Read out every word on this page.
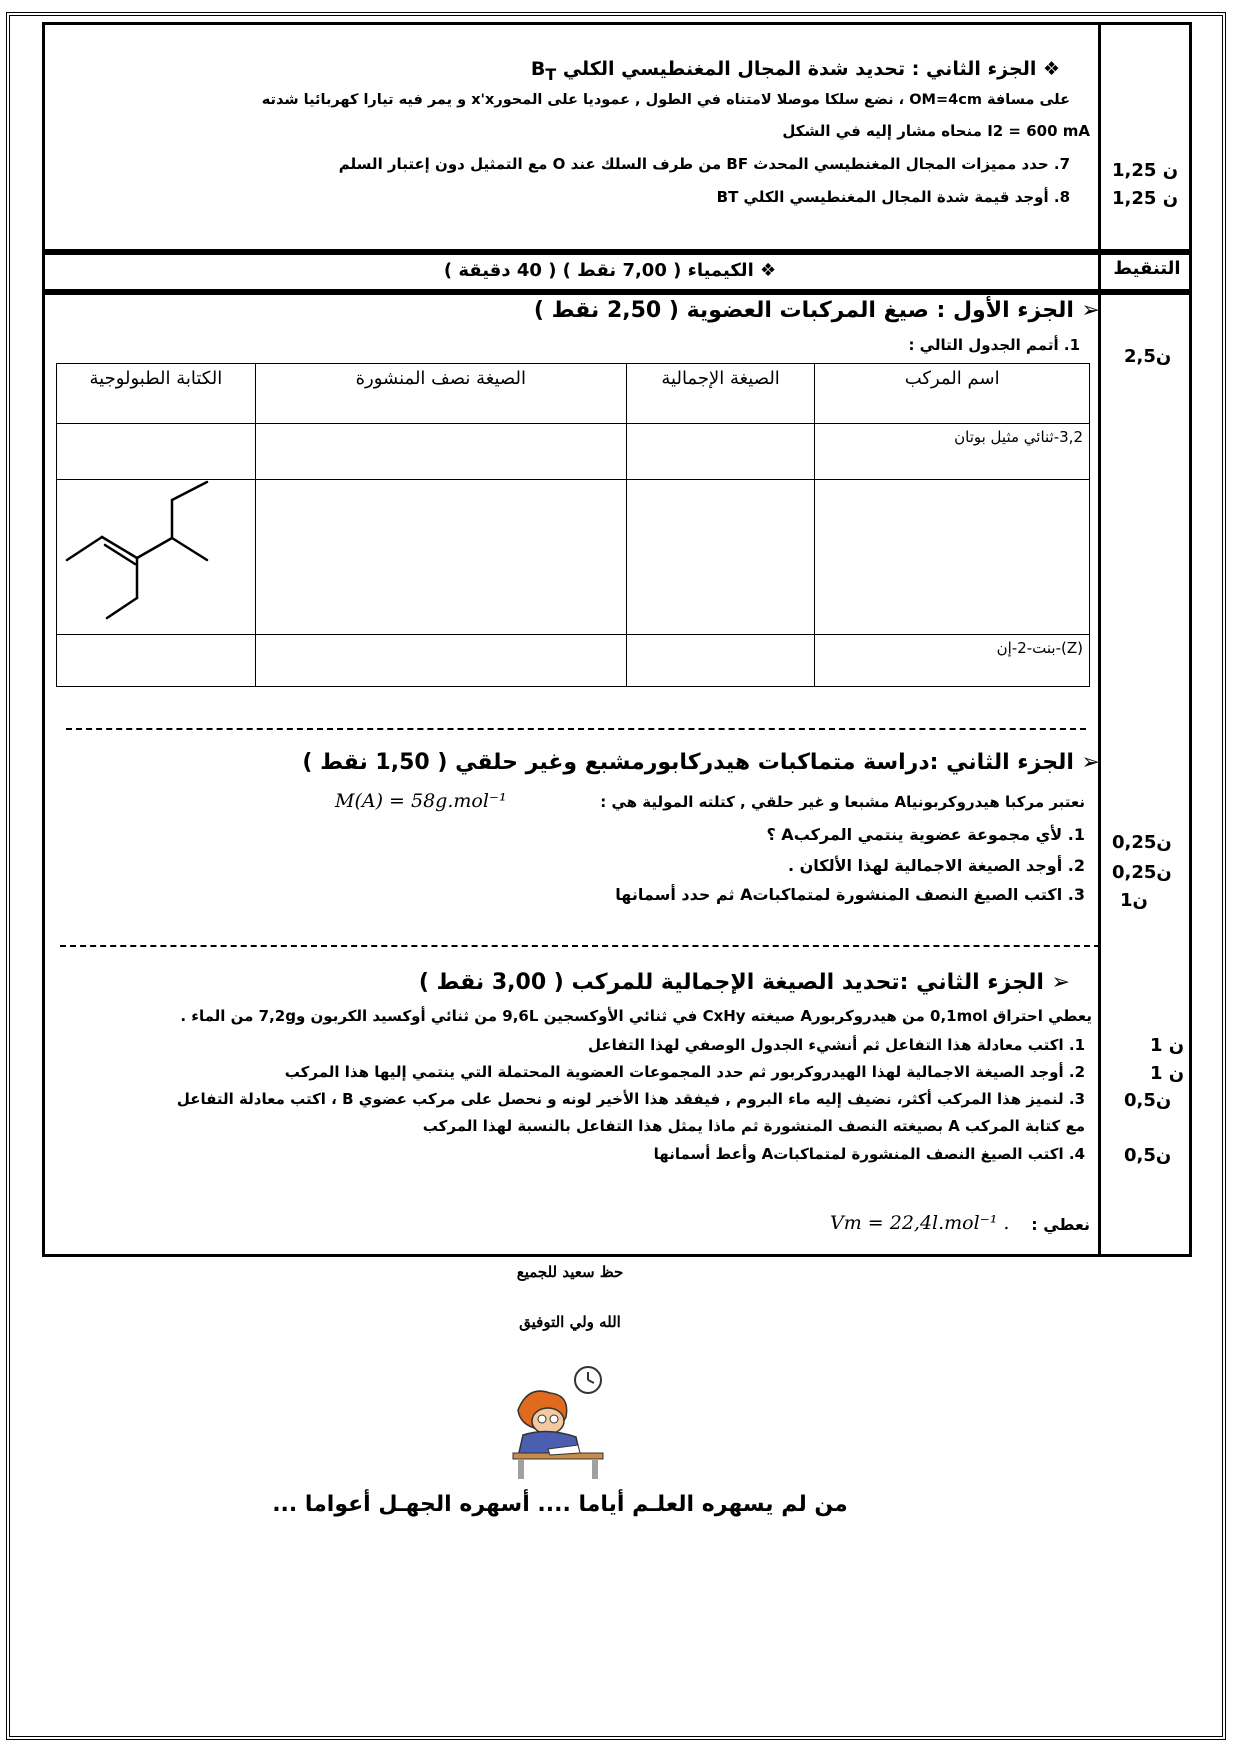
❖ الجزء الثاني : تحديد شدة المجال المغنطيسي الكلي $B_T$
على مسافة OM=4cm ، نضع سلكا موصلا لامتناه في الطول , عموديا على المحورx'x و يمر فيه تيارا كهربائيا شدته
I2 = 600 mA منحاه مشار إليه في الشكل
7. حدد مميزات المجال المغنطيسي المحدث BF من طرف السلك عند O مع التمثيل دون إعتبار السلم
8. أوجد قيمة شدة المجال المغنطيسي الكلي BT
1,25 ن
1,25 ن
❖ الكيمياء ( 7,00 نقط ) ( 40 دقيقة )	التنقيط
➢ الجزء الأول : صيغ المركبات العضوية ( 2,50 نقط )
1. أتمم الجدول التالي :
2,5ن
اسم المركب	الصيغة الإجمالية	الصيغة نصف المنشورة	الكتابة الطبولوجية
3,2-ثنائي مثيل بوتان			

(Z)-بنت-2-إن			
➢ الجزء الثاني :دراسة متماكبات هيدركابورمشبع وغير حلقي ( 1,50 نقط )
نعتبر مركبا هيدروكربونياA مشبعا و غير حلقي , كتلته المولية هي :
M(A) = 58g.mol⁻¹
1. لأي مجموعة عضوية ينتمي المركبA ؟
2. أوجد الصيغة الاجمالية لهذا الألكان .
3. اكتب الصيغ النصف المنشورة لمتماكباتA ثم حدد أسمانها
0,25ن
0,25ن
1ن
➢ الجزء الثاني :تحديد الصيغة الإجمالية للمركب ( 3,00 نقط )
يعطي احتراق 0,1mol من هيدروكربورA صيغته CxHy في ثنائي الأوكسجين 9,6L من ثنائي أوكسيد الكربون و7,2g من الماء .
1. اكتب معادلة هذا التفاعل ثم أنشيء الجدول الوصفي لهذا التفاعل
2. أوجد الصيغة الاجمالية لهذا الهيدروكربور ثم حدد المجموعات العضوية المحتملة التي ينتمي إليها هذا المركب
3. لنميز هذا المركب أكثر، نضيف إليه ماء البروم , فيفقد هذا الأخير لونه و نحصل على مركب عضوي B ، اكتب معادلة التفاعل
مع كتابة المركب A بصيغته النصف المنشورة ثم ماذا يمثل هذا التفاعل بالنسبة لهذا المركب
4. اكتب الصيغ النصف المنشورة لمتماكباتA وأعط أسمانها
1 ن
1 ن
0,5ن
0,5ن
نعطي :
Vm = 22,4l.mol⁻¹ .
حظ سعيد للجميع
الله ولي التوفيق
من لم يسهره العلـم أياما .... أسهره الجهـل أعواما ...
